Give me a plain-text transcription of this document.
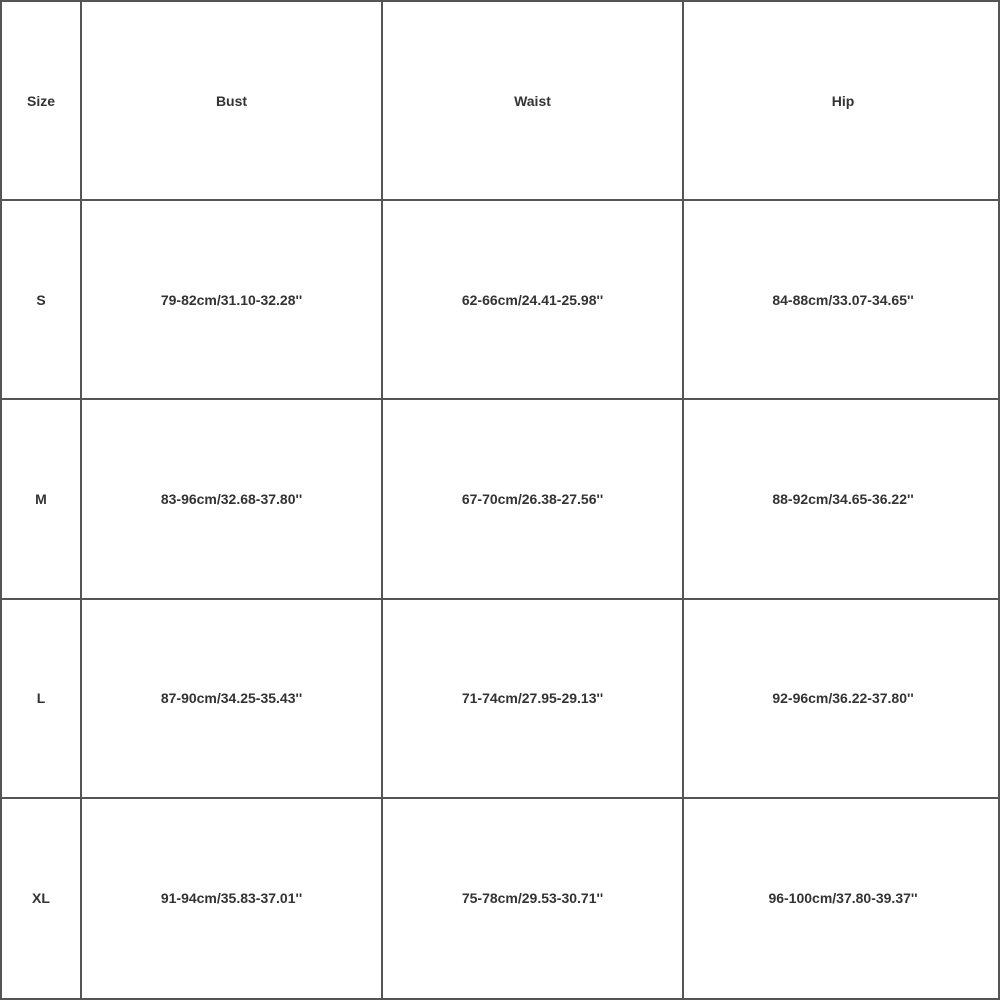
Size	Bust	Waist	Hip
S	79-82cm/31.10-32.28''	62-66cm/24.41-25.98''	84-88cm/33.07-34.65''
M	83-96cm/32.68-37.80''	67-70cm/26.38-27.56''	88-92cm/34.65-36.22''
L	87-90cm/34.25-35.43''	71-74cm/27.95-29.13''	92-96cm/36.22-37.80''
XL	91-94cm/35.83-37.01''	75-78cm/29.53-30.71''	96-100cm/37.80-39.37''
